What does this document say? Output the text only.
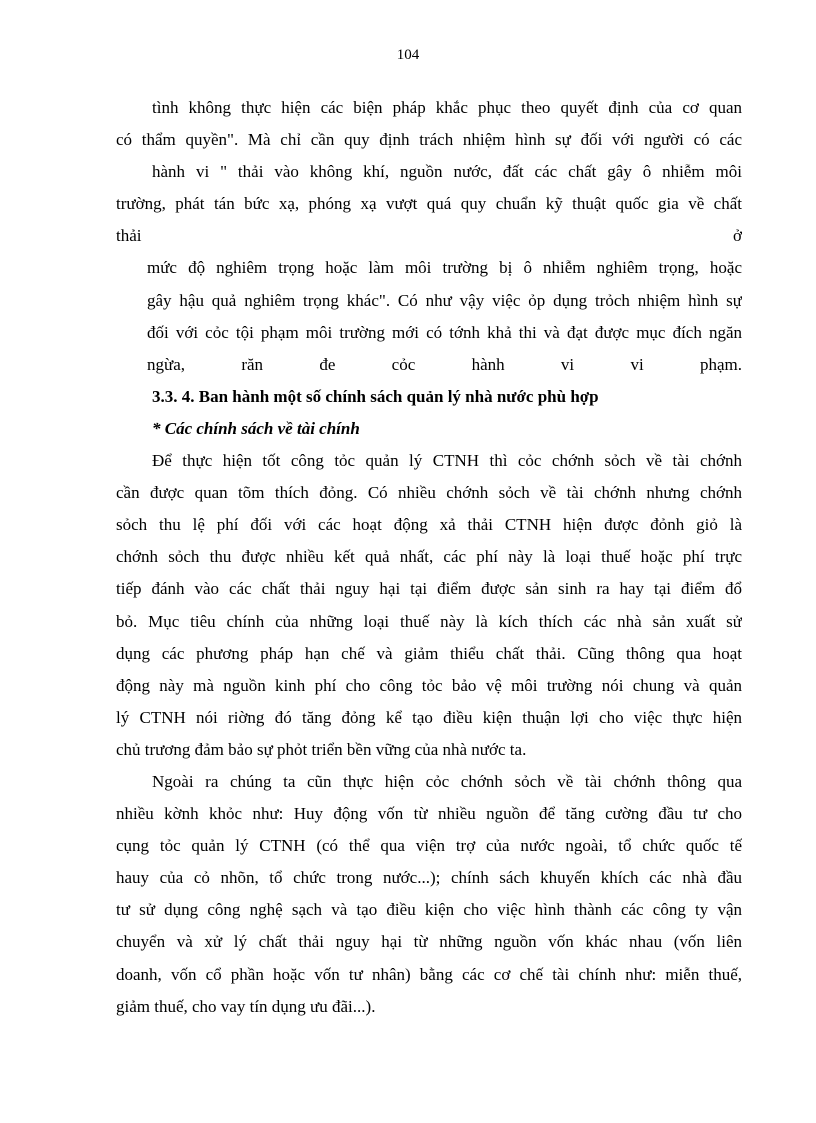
104
tình không thực hiện các biện pháp khắc phục theo quyết định của cơ quan
có thẩm quyền". Mà chỉ cần quy định trách nhiệm hình sự đối với người có các
hành vi " thải vào không khí, nguồn nước, đất các chất gây ô nhiễm môi
trường, phát tán bức xạ, phóng xạ vượt quá quy chuẩn kỹ thuật quốc gia về chất
thải ở
mức độ nghiêm trọng hoặc làm môi trường bị ô nhiễm nghiêm trọng, hoặc
gây hậu quả nghiêm trọng khác". Có như vậy việc ỏp dụng trỏch nhiệm hình sự
đối với cỏc tội phạm môi trường mới có tớnh khả thi và đạt được mục đích ngăn
ngừa, răn đe cỏc hành vi vi phạm.
3.3. 4. Ban hành một số chính sách quản lý nhà nước phù hợp
* Các chính sách về tài chính
Để thực hiện tốt công tỏc quản lý CTNH thì cỏc chớnh sỏch về tài chớnh
cần được quan tõm thích đỏng. Có nhiều chớnh sỏch về tài chớnh nhưng chớnh
sỏch thu lệ phí đối với các hoạt động xả thải CTNH hiện được đỏnh giỏ là
chớnh sỏch thu được nhiều kết quả nhất, các phí này là loại thuế hoặc phí trực
tiếp đánh vào các chất thải nguy hại tại điểm được sản sinh ra hay tại điểm đổ
bỏ. Mục tiêu chính của những loại thuế này là kích thích các nhà sản xuất sử
dụng các phương pháp hạn chế và giảm thiểu chất thải. Cũng thông qua hoạt
động này mà nguồn kinh phí cho công tỏc bảo vệ môi trường nói chung và quản
lý CTNH nói riờng đó tăng đỏng kể tạo điều kiện thuận lợi cho việc thực hiện
chủ trương đảm bảo sự phỏt triển bền vững của nhà nước ta.
Ngoài ra chúng ta cũn thực hiện cỏc chớnh sỏch về tài chớnh thông qua
nhiều kờnh khỏc như: Huy động vốn từ nhiều nguồn để tăng cường đầu tư cho
cụng tỏc quản lý CTNH (có thể qua viện trợ của nước ngoài, tổ chức quốc tế
hauy của cỏ nhõn, tổ chức trong nước...); chính sách khuyến khích các nhà đầu
tư sử dụng công nghệ sạch và tạo điều kiện cho việc hình thành các công ty vận
chuyển và xử lý chất thải nguy hại từ những nguồn vốn khác nhau (vốn liên
doanh, vốn cổ phần hoặc vốn tư nhân) bằng các cơ chế tài chính như: miễn thuế,
giảm thuế, cho vay tín dụng ưu đãi...).
